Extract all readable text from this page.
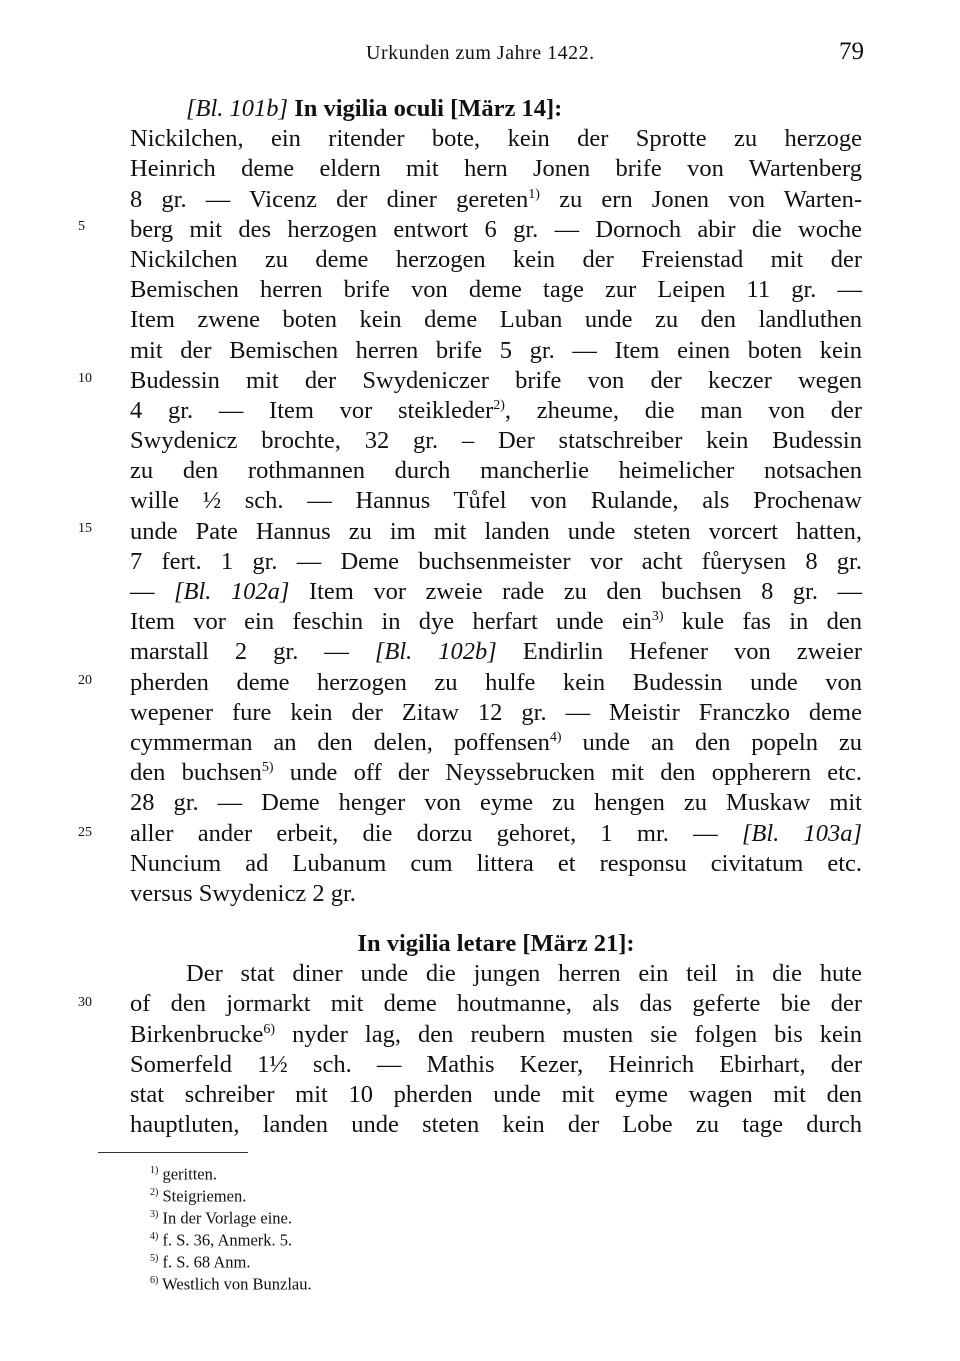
Urkunden zum Jahre 1422.	79
5
10
15
20
25
30
[Bl. 101b] In vigilia oculi [März 14]:
Nickilchen, ein ritender bote, kein der Sprotte zu herzoge
Heinrich deme eldern mit hern Jonen brife von Wartenberg
8 gr. — Vicenz der diner gereten$^{1)}$ zu ern Jonen von Warten-
berg mit des herzogen entwort 6 gr. — Dornoch abir die woche
Nickilchen zu deme herzogen kein der Freienstad mit der
Bemischen herren brife von deme tage zur Leipen 11 gr. —
Item zwene boten kein deme Luban unde zu den landluthen
mit der Bemischen herren brife 5 gr. — Item einen boten kein
Budessin mit der Swydeniczer brife von der keczer wegen
4 gr. — Item vor steikleder$^{2)}$, zheume, die man von der
Swydenicz brochte, 32 gr. – Der statschreiber kein Budessin
zu den rothmannen durch mancherlie heimelicher notsachen
wille ½ sch. — Hannus Tůfel von Rulande, als Prochenaw
unde Pate Hannus zu im mit landen unde steten vorcert hatten,
7 fert. 1 gr. — Deme buchsenmeister vor acht fůerysen 8 gr.
— [Bl. 102a] Item vor zweie rade zu den buchsen 8 gr. —
Item vor ein feschin in dye herfart unde ein$^{3)}$ kule fas in den
marstall 2 gr. — [Bl. 102b] Endirlin Hefener von zweier
pherden deme herzogen zu hulfe kein Budessin unde von
wepener fure kein der Zitaw 12 gr. — Meistir Franczko deme
cymmerman an den delen, poffensen$^{4)}$ unde an den popeln zu
den buchsen$^{5)}$ unde off der Neyssebrucken mit den oppherern etc.
28 gr. — Deme henger von eyme zu hengen zu Muskaw mit
aller ander erbeit, die dorzu gehoret, 1 mr. — [Bl. 103a]
Nuncium ad Lubanum cum littera et responsu civitatum etc.
versus Swydenicz 2 gr.
In vigilia letare [März 21]:
Der stat diner unde die jungen herren ein teil in die hute
of den jormarkt mit deme houtmanne, als das geferte bie der
Birkenbrucke$^{6)}$ nyder lag, den reubern musten sie folgen bis kein
Somerfeld 1½ sch. — Mathis Kezer, Heinrich Ebirhart, der
stat schreiber mit 10 pherden unde mit eyme wagen mit den
hauptluten, landen unde steten kein der Lobe zu tage durch
$^{1)}$ geritten.
$^{2)}$ Steigriemen.
$^{3)}$ In der Vorlage eine.
$^{4)}$ f. S. 36, Anmerk. 5.
$^{5)}$ f. S. 68 Anm.
$^{6)}$ Westlich von Bunzlau.
